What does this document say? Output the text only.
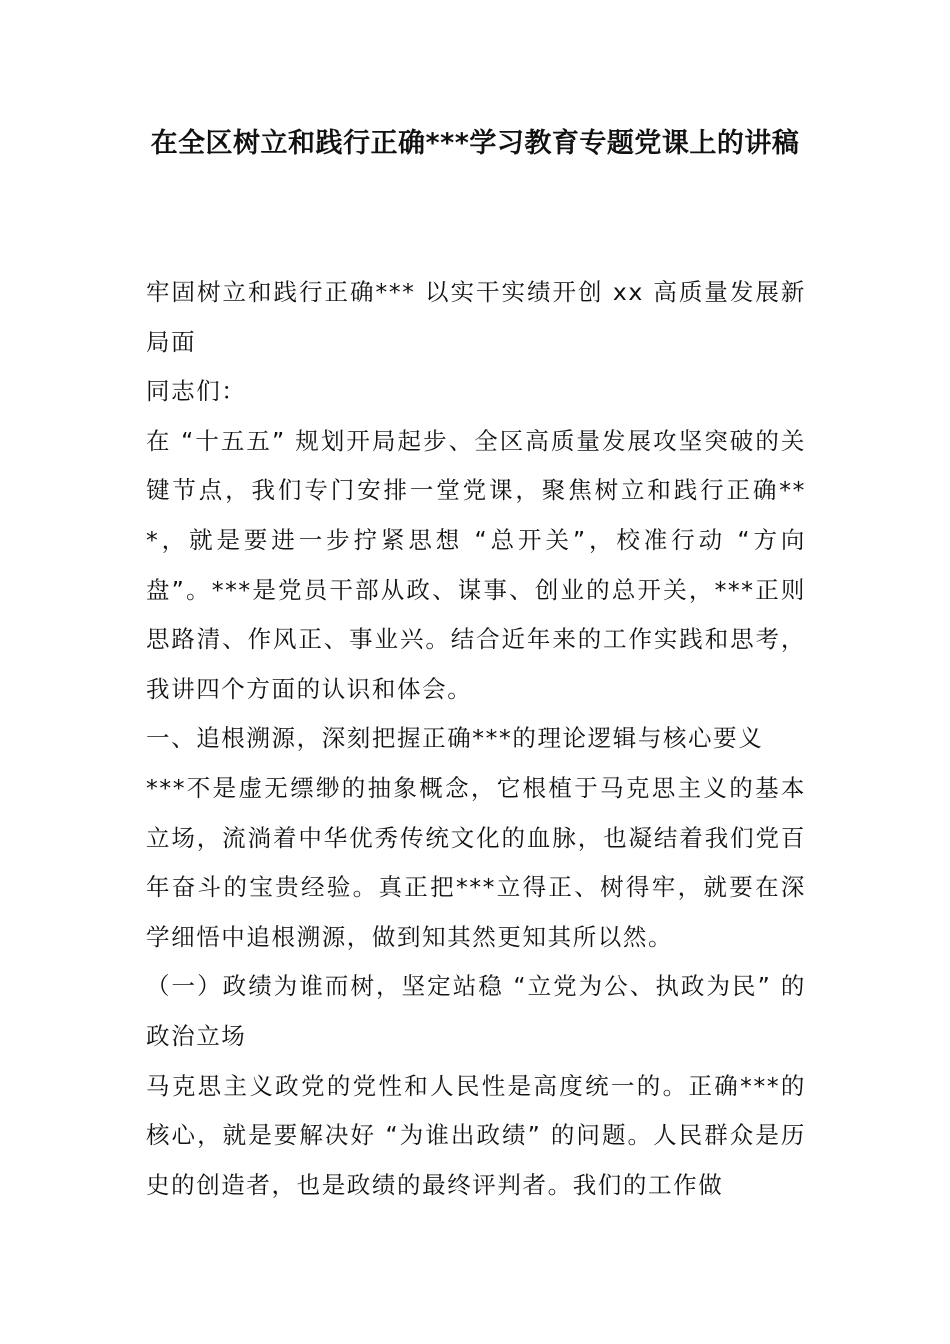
在全区树立和践行正确***学习教育专题党课上的讲稿

牢固树立和践行正确*** 以实干实绩开创 xx 高质量发展新局面

同志们：

在 “十五五” 规划开局起步、全区高质量发展攻坚突破的关键节点，我们专门安排一堂党课，聚焦树立和践行正确***，就是要进一步拧紧思想 “总开关”，校准行动 “方向盘”。***是党员干部从政、谋事、创业的总开关，***正则思路清、作风正、事业兴。结合近年来的工作实践和思考，我讲四个方面的认识和体会。

一、追根溯源，深刻把握正确***的理论逻辑与核心要义

***不是虚无缥缈的抽象概念，它根植于马克思主义的基本立场，流淌着中华优秀传统文化的血脉，也凝结着我们党百年奋斗的宝贵经验。真正把***立得正、树得牢，就要在深学细悟中追根溯源，做到知其然更知其所以然。

（一）政绩为谁而树，坚定站稳 “立党为公、执政为民” 的政治立场

马克思主义政党的党性和人民性是高度统一的。正确***的核心，就是要解决好 “为谁出政绩” 的问题。人民群众是历史的创造者，也是政绩的最终评判者。我们的工作做
